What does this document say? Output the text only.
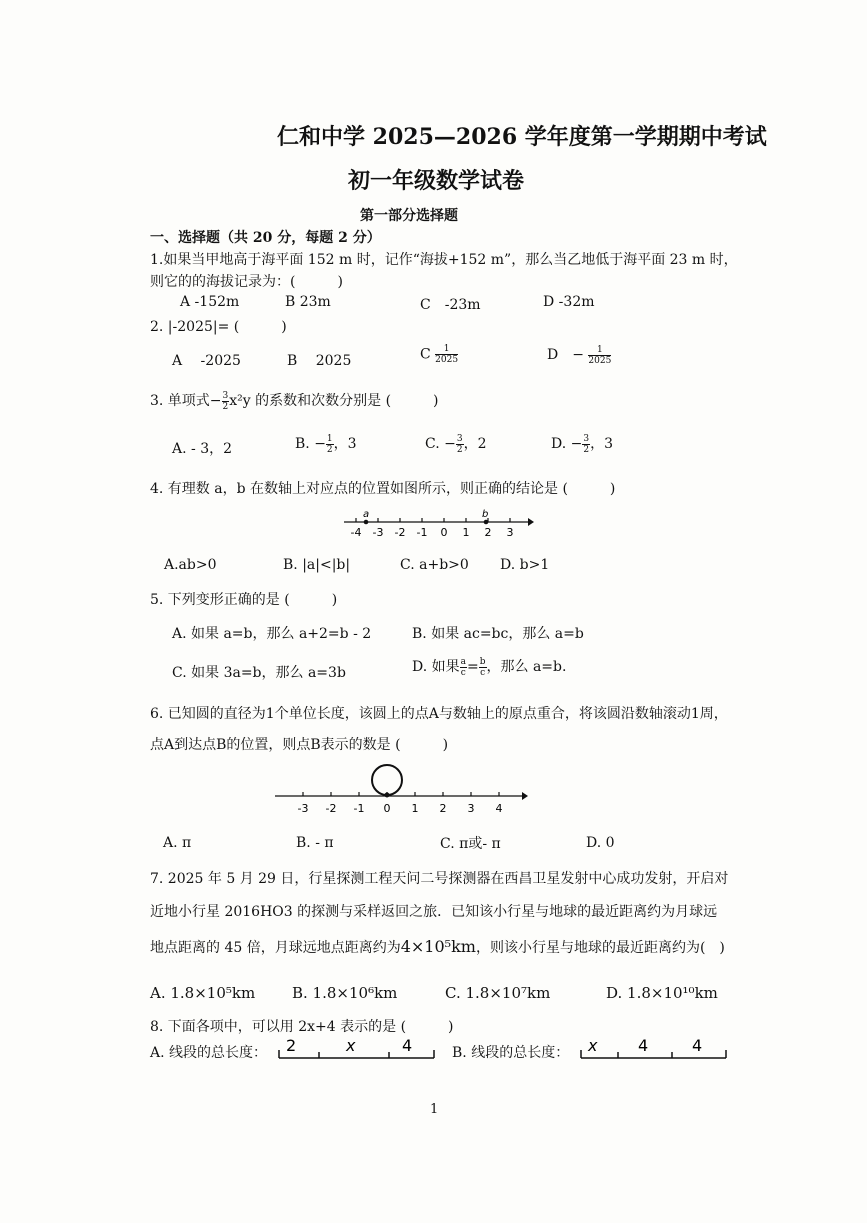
仁和中学 2025—2026 学年度第一学期期中考试
初一年级数学试卷
第一部分选择题
一、选择题（共 20 分，每题 2 分）
1.如果当甲地高于海平面 152 m 时，记作“海拔+152 m”，那么当乙地低于海平面 23 m 时，
则它的的海拔记录为：(　　　)
A -152m	B 23m	C　-23m	D -32m
2. |-2025|= (　　　)
A　 -2025	B　 2025	C $\frac{1}{2025}$	D　− $\frac{1}{2025}$
3. 单项式− $\frac{3}{2} x^2y$ 的系数和次数分别是 (　　　)
A. - 3，2	B. − $\frac{1}{2}$ ，3	C. − $\frac{3}{2}$ ，2	D. − $\frac{3}{2}$ ，3
4. 有理数 a，b 在数轴上对应点的位置如图所示，则正确的结论是 (　　　)
-4 -3 -2 -1 0 1 2 3
a	b
A.ab>0	B. |a|<|b|	C. a+b>0 D. b>1
5. 下列变形正确的是 (　　　)
A. 如果 a=b，那么 a+2=b - 2	B. 如果 ac=bc，那么 a=b
C. 如果 3a=b，那么 a=3b	D. 如果 $\frac{a}{c} = \frac{b}{c}$ ，那么 a=b.
6. 已知圆的直径为1个单位长度，该圆上的点A与数轴上的原点重合，将该圆沿数轴滚动1周，
点A到达点B的位置，则点B表示的数是 (　　　)
-3 -2 -1 0 1 2 3 4
A. π	B. - π	C. π或- π	D. 0
7. 2025 年 5 月 29 日，行星探测工程天问二号探测器在西昌卫星发射中心成功发射，开启对
近地小行星 2016HO3 的探测与采样返回之旅．已知该小行星与地球的最近距离约为月球远
地点距离的 45 倍，月球远地点距离约为4×10⁵km，则该小行星与地球的最近距离约为(　)
A. 1.8×10⁵km B. 1.8×10⁶km	C. 1.8×10⁷km	D. 1.8×10¹⁰km
8. 下面各项中，可以用 2x+4 表示的是 (　　　)
A. 线段的总长度： 2	x	4	B. 线段的总长度： x	4	4
1
